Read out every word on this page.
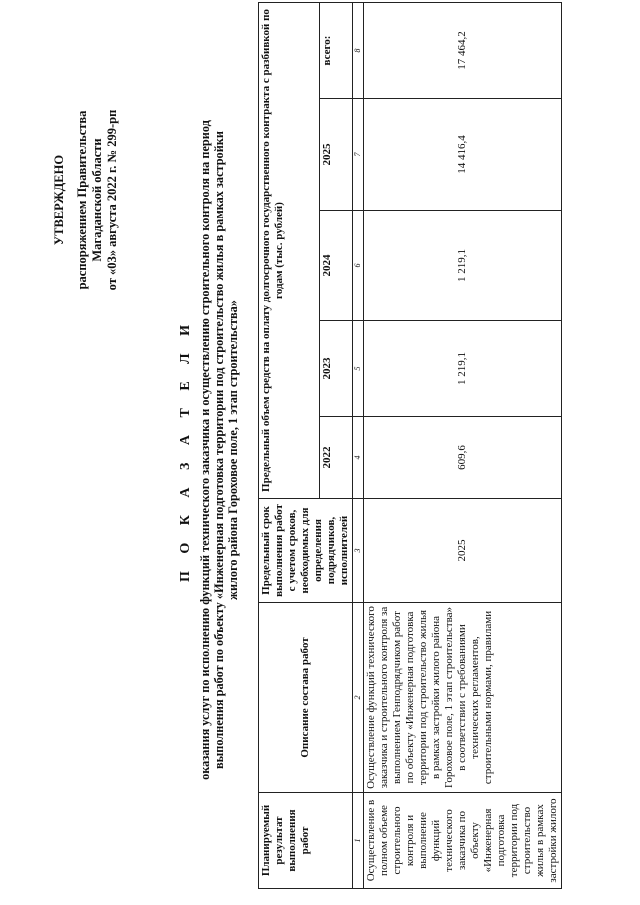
УТВЕРЖДЕНО распоряжением Правительства Магаданской области от «03» августа 2022 г. № 299-рп
П О К А З А Т Е Л И оказания услуг по исполнению функций технического заказчика и осуществлению строительного контроля на период выполнения работ по объекту «Инженерная подготовка территории под строительство жилья в рамках застройки жилого района Гороховое поле, 1 этап строительства»
Планируемый результат выполнения работ	Описание состава работ	Предельный срок выполнения работ с учетом сроков, необходимых для определения подрядчиков, исполнителей	Предельный объем средств на оплату долгосрочного государственного контракта с разбивкой по годам (тыс. рублей)				
			2022	2023	2024	2025	всего:
1	2	3	4	5	6	7	8
Осуществление в полном объеме строительного контроля и выполнение функций технического заказчика по объекту «Инженерная подготовка территории под строительство жилья в рамках застройки жилого	Осуществление функций технического заказчика и строительного контроля за выполнением Генподрядчиком работ по объекту «Инженерная подготовка территории под строительство жилья в рамках застройки жилого района Гороховое поле, 1 этап строительства» в соответствии с требованиями технических регламентов, строительными нормами, правилами	2025	609,6	1 219,1	1 219,1	14 416,4	17 464,2
